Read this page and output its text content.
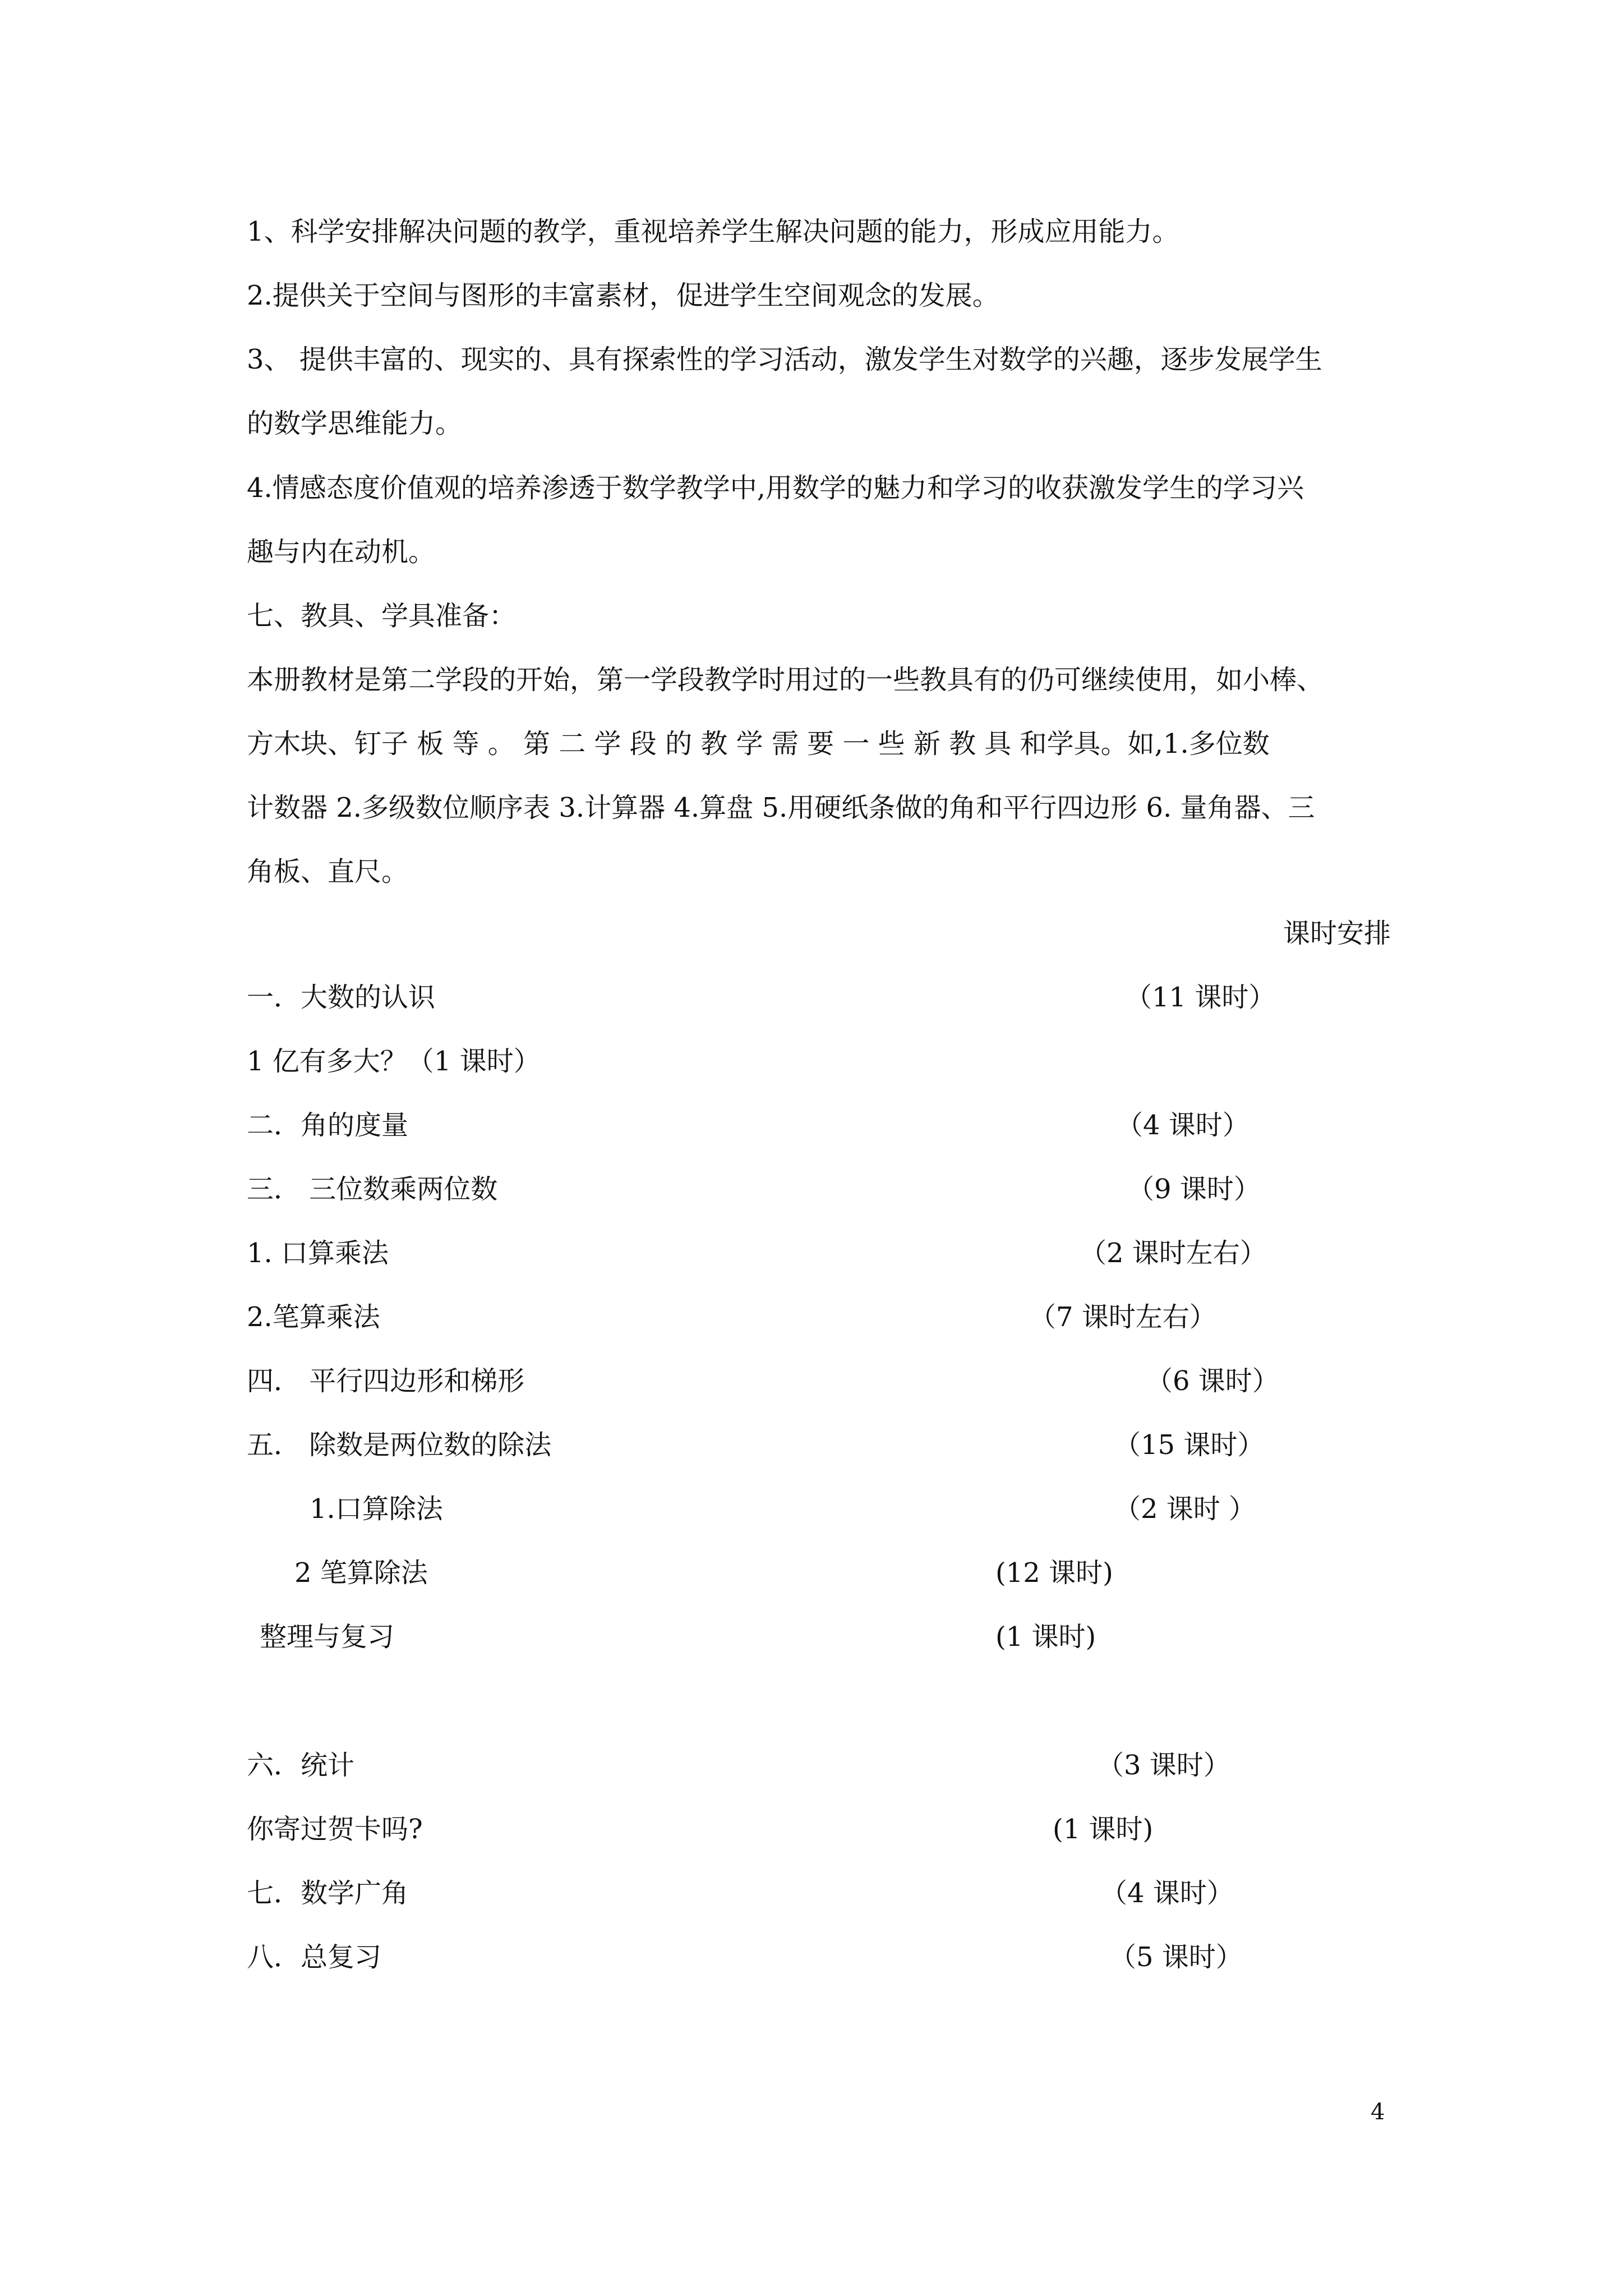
1、科学安排解决问题的教学，重视培养学生解决问题的能力，形成应用能力。
2.提供关于空间与图形的丰富素材，促进学生空间观念的发展。
3、 提供丰富的、现实的、具有探索性的学习活动，激发学生对数学的兴趣，逐步发展学生
的数学思维能力。
4.情感态度价值观的培养渗透于数学教学中,用数学的魅力和学习的收获激发学生的学习兴
趣与内在动机。
七、教具、学具准备：
本册教材是第二学段的开始，第一学段教学时用过的一些教具有的仍可继续使用，如小棒、
方木块、钉子 板 等 。 第 二 学 段 的 教 学 需 要 一 些 新 教 具 和学具。如,1.多位数
计数器 2.多级数位顺序表 3.计算器 4.算盘 5.用硬纸条做的角和平行四边形 6. 量角器、三
角板、直尺。
课时安排
一．大数的认识	（11 课时）
1 亿有多大？（1 课时）
二．角的度量	（4 课时）
三． 三位数乘两位数	（9 课时）
1. 口算乘法	（2 课时左右）
2.笔算乘法	（7 课时左右）
四． 平行四边形和梯形	（6 课时）
五． 除数是两位数的除法	（15 课时）
1.口算除法	（2 课时 ）
2 笔算除法	(12 课时)
整理与复习	(1 课时)
六．统计	（3 课时）
你寄过贺卡吗?	(1 课时)
七．数学广角	（4 课时）
八．总复习	（5 课时）
4
